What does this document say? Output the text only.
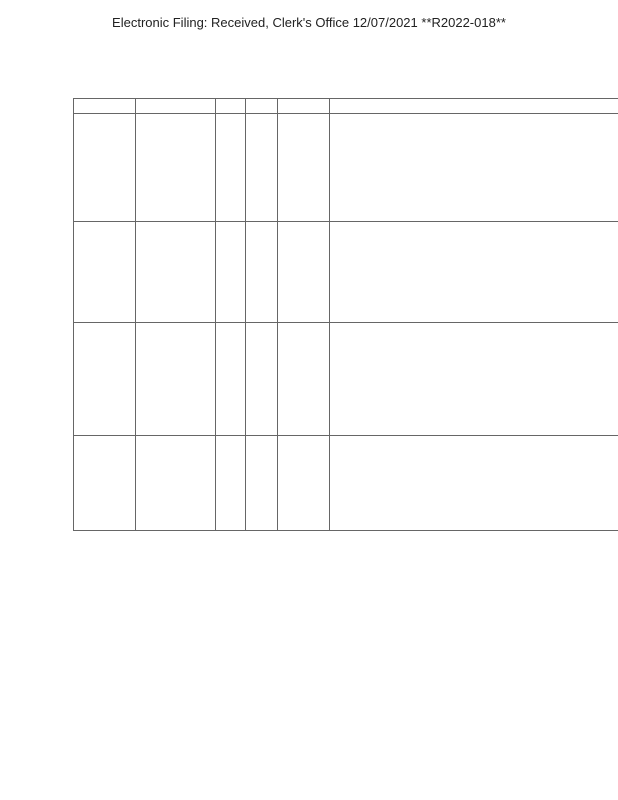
Electronic Filing: Received, Clerk's Office 12/07/2021 **R2022-018**
